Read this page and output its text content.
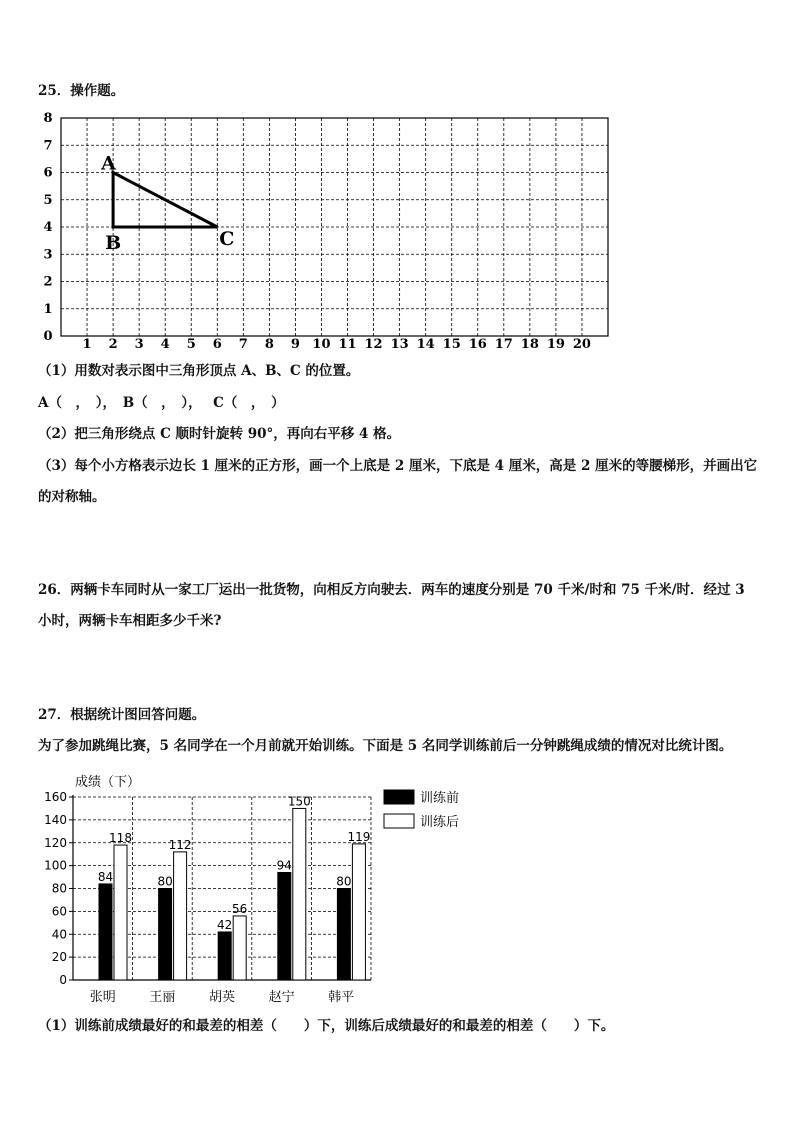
25．操作题。
1 2 3 4 5 6 7 8 9 10 11 12 13 14 15 16 17 18 19 20
0
1
2
3
4
5
6
7
8
A
B	C
（1）用数对表示图中三角形顶点 A、B、C 的位置。
A（　，　），　B（　，　），　 C（　，　）
（2）把三角形绕点 C 顺时针旋转 90°，再向右平移 4 格。
（3）每个小方格表示边长 1 厘米的正方形，画一个上底是 2 厘米，下底是 4 厘米，高是 2 厘米的等腰梯形，并画出它的对称轴。
26．两辆卡车同时从一家工厂运出一批货物，向相反方向驶去．两车的速度分别是 70 千米/时和 75 千米/时．经过 3 小时，两辆卡车相距多少千米?
27．根据统计图回答问题。
为了参加跳绳比赛，5 名同学在一个月前就开始训练。下面是 5 名同学训练前后一分钟跳绳成绩的情况对比统计图。
成绩（下）
0
20
40
60
80
100
120
140
160
84
118
张明
80
112
王丽
42
56
胡英
94
150
赵宁
80
119
韩平
训练前
训练后
（1）训练前成绩最好的和最差的相差（　　）下，训练后成绩最好的和最差的相差（　　）下。
